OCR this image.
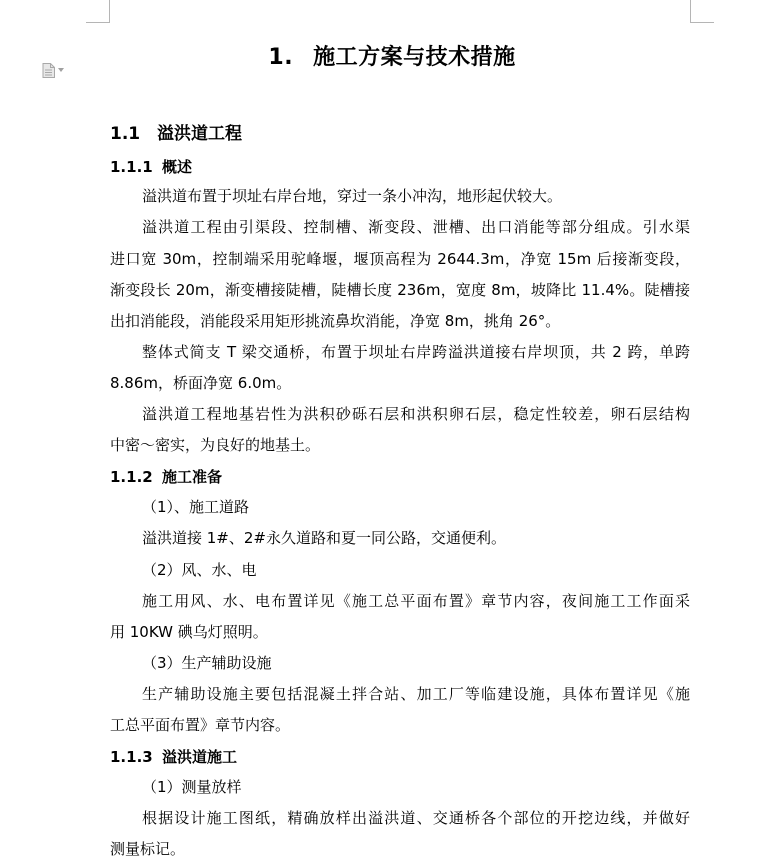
1. 施工方案与技术措施
1.1 溢洪道工程
1.1.1 概述
溢洪道布置于坝址右岸台地，穿过一条小冲沟，地形起伏较大。
溢洪道工程由引渠段、控制槽、渐变段、泄槽、出口消能等部分组成。引水渠
进口宽 30m，控制端采用驼峰堰，堰顶高程为 2644.3m，净宽 15m 后接渐变段，
渐变段长 20m，渐变槽接陡槽，陡槽长度 236m，宽度 8m，坡降比 11.4%。陡槽接
出扣消能段，消能段采用矩形挑流鼻坎消能，净宽 8m，挑角 26°。
整体式简支 T 梁交通桥，布置于坝址右岸跨溢洪道接右岸坝顶，共 2 跨，单跨
8.86m，桥面净宽 6.0m。
溢洪道工程地基岩性为洪积砂砾石层和洪积卵石层，稳定性较差，卵石层结构
中密～密实，为良好的地基土。
1.1.2 施工准备
（1）、施工道路
溢洪道接 1#、2#永久道路和夏一同公路，交通便利。
（2）风、水、电
施工用风、水、电布置详见《施工总平面布置》章节内容，夜间施工工作面采
用 10KW 碘乌灯照明。
（3）生产辅助设施
生产辅助设施主要包括混凝土拌合站、加工厂等临建设施，具体布置详见《施
工总平面布置》章节内容。
1.1.3 溢洪道施工
（1）测量放样
根据设计施工图纸，精确放样出溢洪道、交通桥各个部位的开挖边线，并做好
测量标记。
